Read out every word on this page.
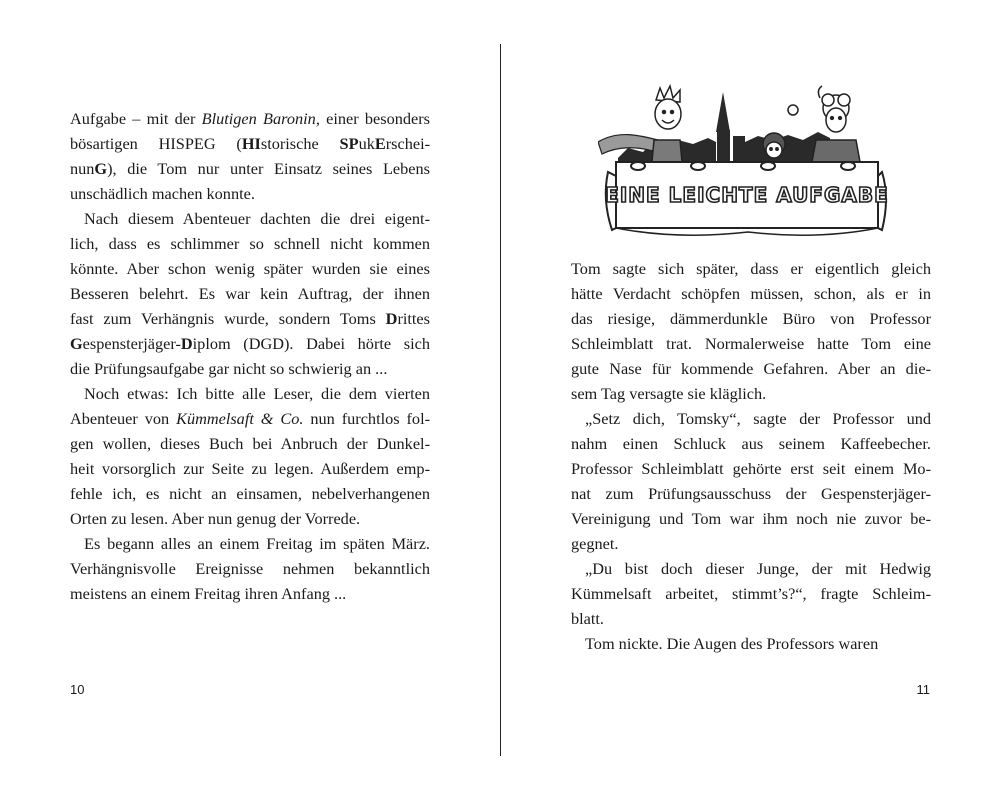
Aufgabe – mit der Blutigen Baronin, einer besonders
bösartigen HISPEG (HIstorische SPukErschei-
nunG), die Tom nur unter Einsatz seines Lebens
unschädlich machen konnte.

Nach diesem Abenteuer dachten die drei eigent-
lich, dass es schlimmer so schnell nicht kommen
könnte. Aber schon wenig später wurden sie eines
Besseren belehrt. Es war kein Auftrag, der ihnen
fast zum Verhängnis wurde, sondern Toms Drittes
Gespensterjäger-Diplom (DGD). Dabei hörte sich
die Prüfungsaufgabe gar nicht so schwierig an ...

Noch etwas: Ich bitte alle Leser, die dem vierten
Abenteuer von Kümmelsaft & Co. nun furchtlos fol-
gen wollen, dieses Buch bei Anbruch der Dunkel-
heit vorsorglich zur Seite zu legen. Außerdem emp-
fehle ich, es nicht an einsamen, nebelverhangenen
Orten zu lesen. Aber nun genug der Vorrede.

Es begann alles an einem Freitag im späten März.
Verhängnisvolle Ereignisse nehmen bekanntlich
meistens an einem Freitag ihren Anfang ...

10
EINE LEICHTE AUFGABE

Tom sagte sich später, dass er eigentlich gleich
hätte Verdacht schöpfen müssen, schon, als er in
das riesige, dämmerdunkle Büro von Professor
Schleimblatt trat. Normalerweise hatte Tom eine
gute Nase für kommende Gefahren. Aber an die-
sem Tag versagte sie kläglich.

„Setz dich, Tomsky“, sagte der Professor und
nahm einen Schluck aus seinem Kaffeebecher.
Professor Schleimblatt gehörte erst seit einem Mo-
nat zum Prüfungsausschuss der Gespensterjäger-
Vereinigung und Tom war ihm noch nie zuvor be-
gegnet.

„Du bist doch dieser Junge, der mit Hedwig
Kümmelsaft arbeitet, stimmt’s?“, fragte Schleim-
blatt.

Tom nickte. Die Augen des Professors waren

11
